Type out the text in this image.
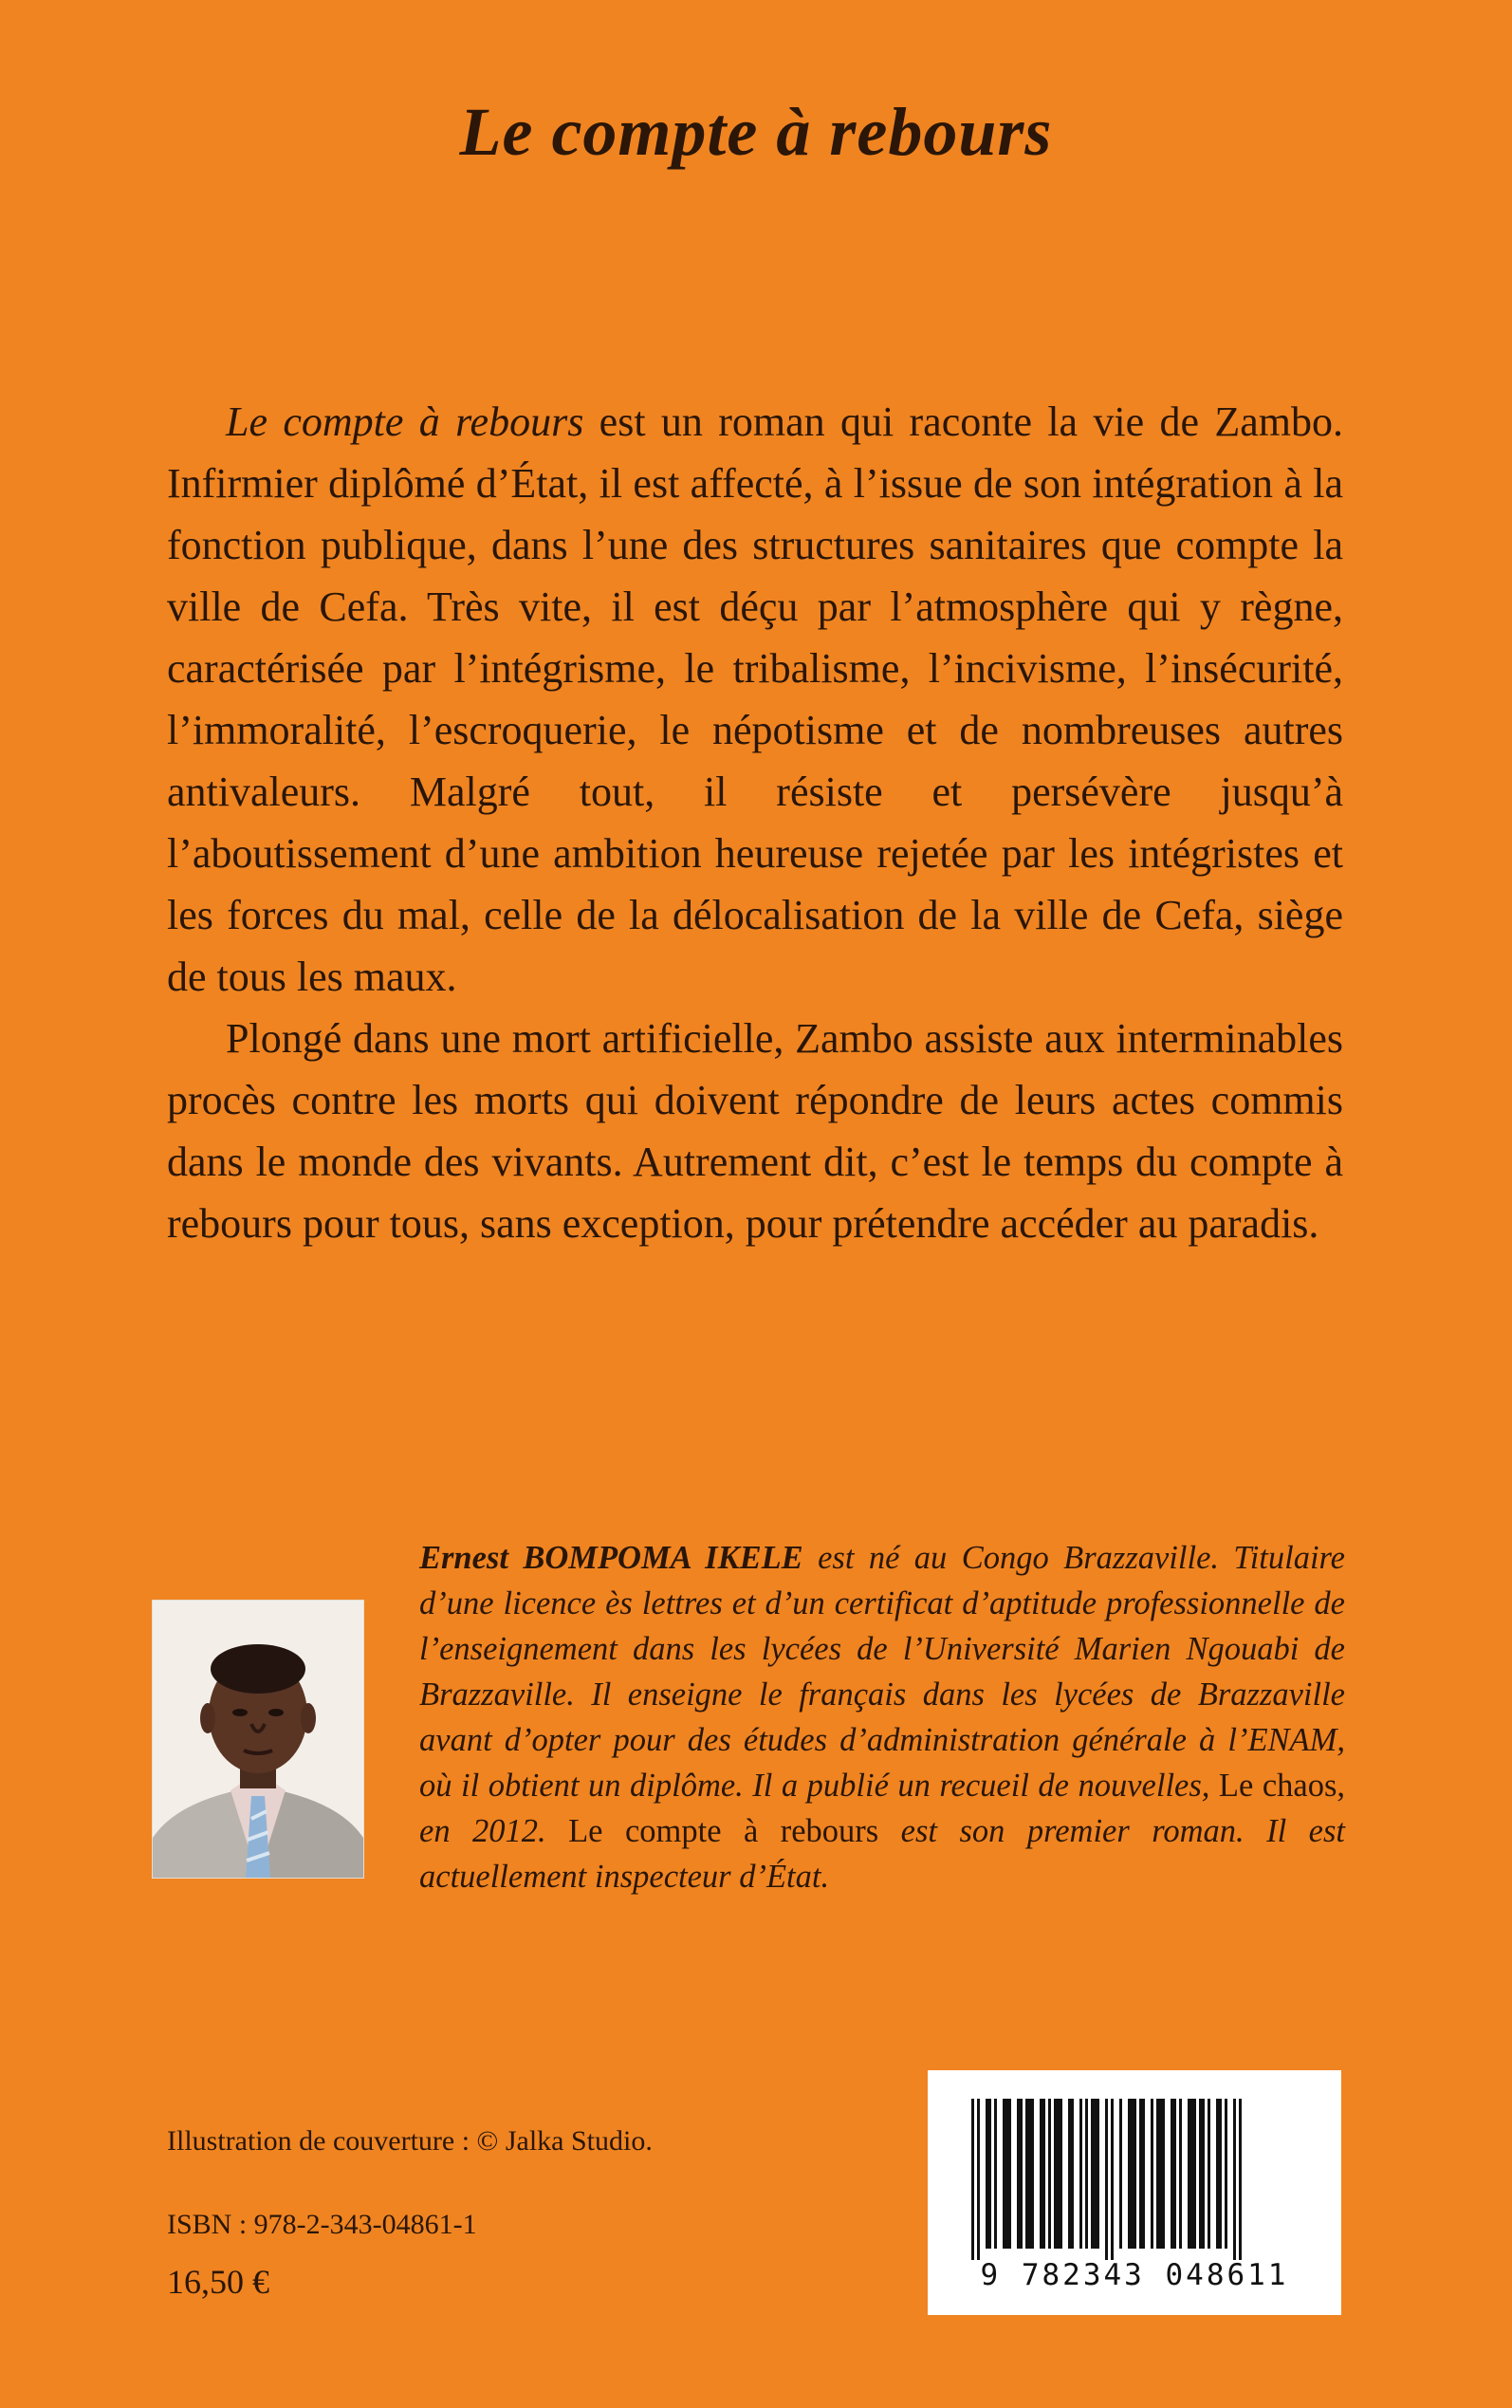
Le compte à rebours

Le compte à rebours est un roman qui raconte la vie de Zambo. Infirmier diplômé d’État, il est affecté, à l’issue de son intégration à la fonction publique, dans l’une des structures sanitaires que compte la ville de Cefa. Très vite, il est déçu par l’atmosphère qui y règne, caractérisée par l’intégrisme, le tribalisme, l’incivisme, l’insécurité, l’immoralité, l’escroquerie, le népotisme et de nombreuses autres antivaleurs. Malgré tout, il résiste et persévère jusqu’à l’aboutissement d’une ambition heureuse rejetée par les intégristes et les forces du mal, celle de la délocalisation de la ville de Cefa, siège de tous les maux.

Plongé dans une mort artificielle, Zambo assiste aux interminables procès contre les morts qui doivent répondre de leurs actes commis dans le monde des vivants. Autrement dit, c’est le temps du compte à rebours pour tous, sans exception, pour prétendre accéder au paradis.

Ernest BOMPOMA IKELE est né au Congo Brazzaville. Titulaire d’une licence ès lettres et d’un certificat d’aptitude professionnelle de l’enseignement dans les lycées de l’Université Marien Ngouabi de Brazzaville. Il enseigne le français dans les lycées de Brazzaville avant d’opter pour des études d’administration générale à l’ENAM, où il obtient un diplôme. Il a publié un recueil de nouvelles, Le chaos, en 2012. Le compte à rebours est son premier roman. Il est actuellement inspecteur d’État.
Illustration de couverture : © Jalka Studio.
ISBN : 978-2-343-04861-1
16,50 €	9 782343 048611
